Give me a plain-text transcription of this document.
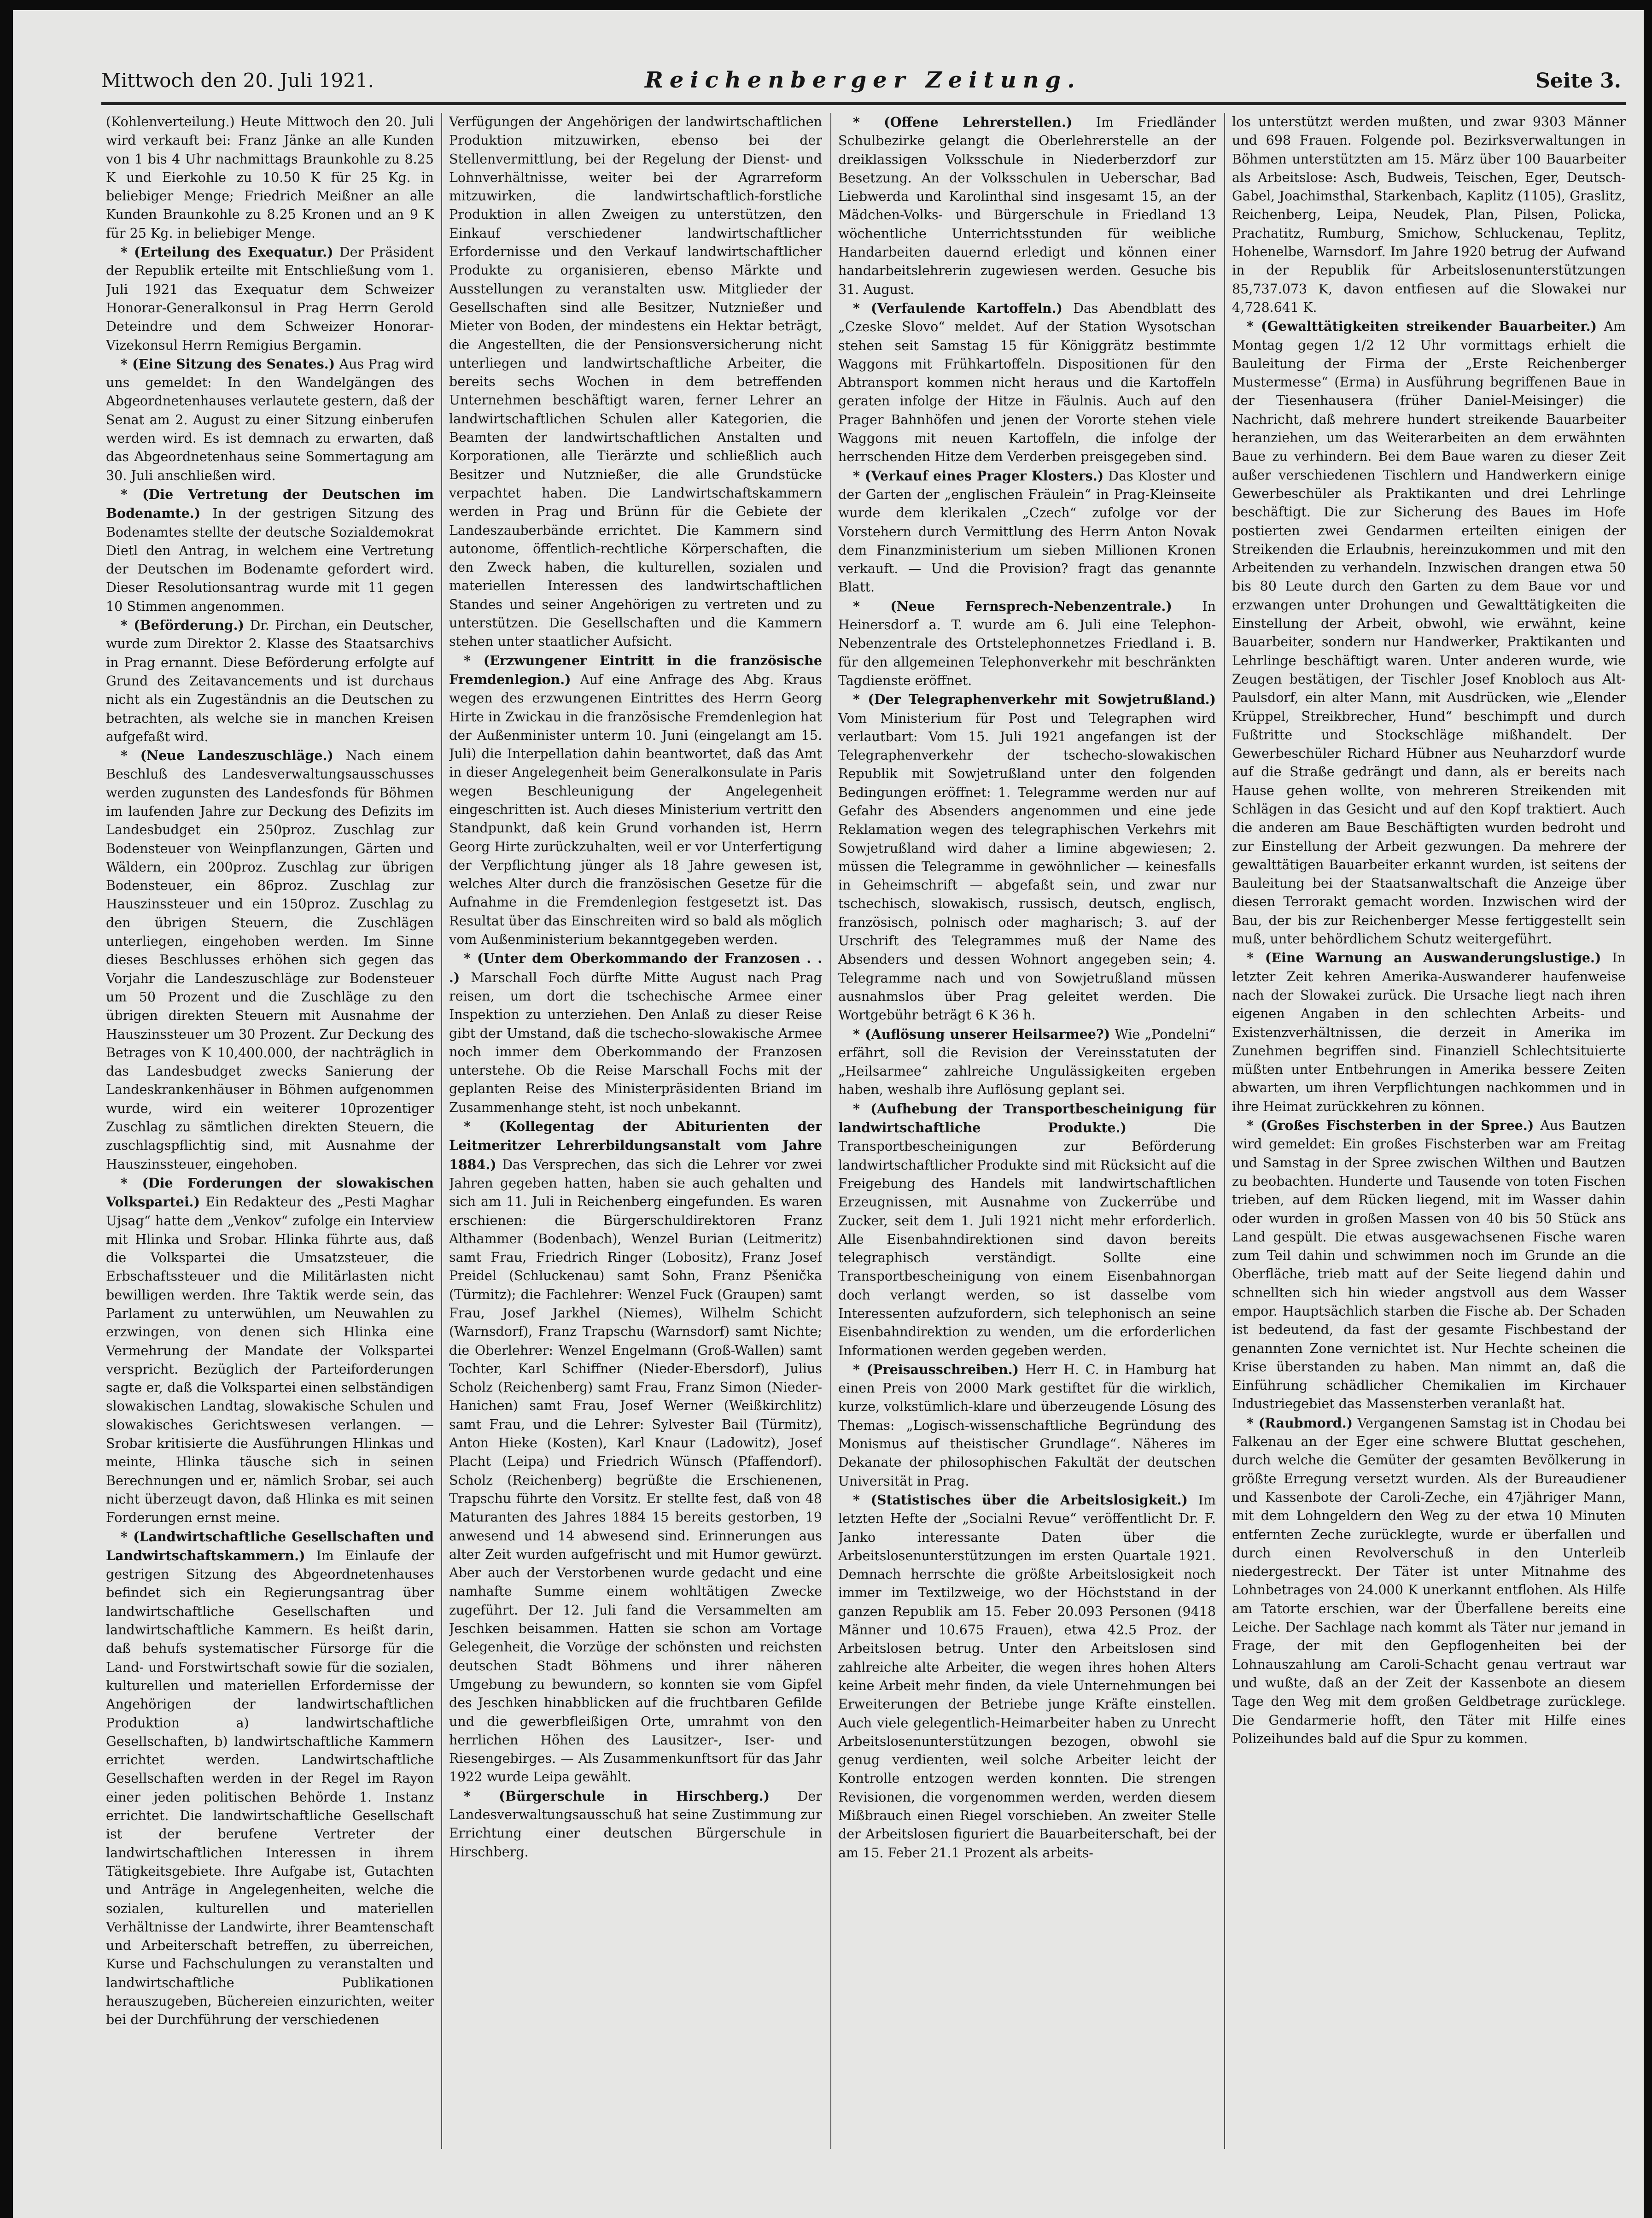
Mittwoch den 20. Juli 1921.	Reichenberger Zeitung.	Seite 3.

(Kohlenverteilung.) Heute Mittwoch den 20. Juli wird verkauft bei: Franz Jänke an alle Kunden von 1 bis 4 Uhr nachmittags Braunkohle zu 8.25 K und Eierkohle zu 10.50 K für 25 Kg. in beliebiger Menge; Friedrich Meißner an alle Kunden Braunkohle zu 8.25 Kronen und an 9 K für 25 Kg. in beliebiger Menge.

* (Erteilung des Exequatur.) Der Präsident der Republik erteilte mit Entschließung vom 1. Juli 1921 das Exequatur dem Schweizer Honorar-Generalkonsul in Prag Herrn Gerold Deteindre und dem Schweizer Honorar-Vizekonsul Herrn Remigius Bergamin.

* (Eine Sitzung des Senates.) Aus Prag wird uns gemeldet: In den Wandelgängen des Abgeordnetenhauses verlautete gestern, daß der Senat am 2. August zu einer Sitzung einberufen werden wird. Es ist demnach zu erwarten, daß das Abgeordnetenhaus seine Sommertagung am 30. Juli anschließen wird.

* (Die Vertretung der Deutschen im Bodenamte.) In der gestrigen Sitzung des Bodenamtes stellte der deutsche Sozialdemokrat Dietl den Antrag, in welchem eine Vertretung der Deutschen im Bodenamte gefordert wird. Dieser Resolutionsantrag wurde mit 11 gegen 10 Stimmen angenommen.

* (Beförderung.) Dr. Pirchan, ein Deutscher, wurde zum Direktor 2. Klasse des Staatsarchivs in Prag ernannt. Diese Beförderung erfolgte auf Grund des Zeitavancements und ist durchaus nicht als ein Zugeständnis an die Deutschen zu betrachten, als welche sie in manchen Kreisen aufgefaßt wird.

* (Neue Landeszuschläge.) Nach einem Beschluß des Landesverwaltungsausschusses werden zugunsten des Landesfonds für Böhmen im laufenden Jahre zur Deckung des Defizits im Landesbudget ein 250proz. Zuschlag zur Bodensteuer von Weinpflanzungen, Gärten und Wäldern, ein 200proz. Zuschlag zur übrigen Bodensteuer, ein 86proz. Zuschlag zur Hauszinssteuer und ein 150proz. Zuschlag zu den übrigen Steuern, die Zuschlägen unterliegen, eingehoben werden. Im Sinne dieses Beschlusses erhöhen sich gegen das Vorjahr die Landeszuschläge zur Bodensteuer um 50 Prozent und die Zuschläge zu den übrigen direkten Steuern mit Ausnahme der Hauszinssteuer um 30 Prozent. Zur Deckung des Betrages von K 10,400.000, der nachträglich in das Landesbudget zwecks Sanierung der Landeskrankenhäuser in Böhmen aufgenommen wurde, wird ein weiterer 10prozentiger Zuschlag zu sämtlichen direkten Steuern, die zuschlagspflichtig sind, mit Ausnahme der Hauszinssteuer, eingehoben.

* (Die Forderungen der slowakischen Volkspartei.) Ein Redakteur des „Pesti Maghar Ujsag“ hatte dem „Venkov“ zufolge ein Interview mit Hlinka und Srobar. Hlinka führte aus, daß die Volkspartei die Umsatzsteuer, die Erbschaftssteuer und die Militärlasten nicht bewilligen werden. Ihre Taktik werde sein, das Parlament zu unterwühlen, um Neuwahlen zu erzwingen, von denen sich Hlinka eine Vermehrung der Mandate der Volkspartei verspricht. Bezüglich der Parteiforderungen sagte er, daß die Volkspartei einen selbständigen slowakischen Landtag, slowakische Schulen und slowakisches Gerichtswesen verlangen. — Srobar kritisierte die Ausführungen Hlinkas und meinte, Hlinka täusche sich in seinen Berechnungen und er, nämlich Srobar, sei auch nicht überzeugt davon, daß Hlinka es mit seinen Forderungen ernst meine.

* (Landwirtschaftliche Gesellschaften und Landwirtschaftskammern.) Im Einlaufe der gestrigen Sitzung des Abgeordnetenhauses befindet sich ein Regierungsantrag über landwirtschaftliche Gesellschaften und landwirtschaftliche Kammern. Es heißt darin, daß behufs systematischer Fürsorge für die Land- und Forstwirtschaft sowie für die sozialen, kulturellen und materiellen Erfordernisse der Angehörigen der landwirtschaftlichen Produktion a) landwirtschaftliche Gesellschaften, b) landwirtschaftliche Kammern errichtet werden. Landwirtschaftliche Gesellschaften werden in der Regel im Rayon einer jeden politischen Behörde 1. Instanz errichtet. Die landwirtschaftliche Gesellschaft ist der berufene Vertreter der landwirtschaftlichen Interessen in ihrem Tätigkeitsgebiete. Ihre Aufgabe ist, Gutachten und Anträge in Angelegenheiten, welche die sozialen, kulturellen und materiellen Verhältnisse der Landwirte, ihrer Beamtenschaft und Arbeiterschaft betreffen, zu überreichen, Kurse und Fachschulungen zu veranstalten und landwirtschaftliche Publikationen herauszugeben, Büchereien einzurichten, weiter bei der Durchführung der verschiedenen

Verfügungen der Angehörigen der landwirtschaftlichen Produktion mitzuwirken, ebenso bei der Stellenvermittlung, bei der Regelung der Dienst- und Lohnverhältnisse, weiter bei der Agrarreform mitzuwirken, die landwirtschaftlich-forstliche Produktion in allen Zweigen zu unterstützen, den Einkauf verschiedener landwirtschaftlicher Erfordernisse und den Verkauf landwirtschaftlicher Produkte zu organisieren, ebenso Märkte und Ausstellungen zu veranstalten usw. Mitglieder der Gesellschaften sind alle Besitzer, Nutznießer und Mieter von Boden, der mindestens ein Hektar beträgt, die Angestellten, die der Pensionsversicherung nicht unterliegen und landwirtschaftliche Arbeiter, die bereits sechs Wochen in dem betreffenden Unternehmen beschäftigt waren, ferner Lehrer an landwirtschaftlichen Schulen aller Kategorien, die Beamten der landwirtschaftlichen Anstalten und Korporationen, alle Tierärzte und schließlich auch Besitzer und Nutznießer, die alle Grundstücke verpachtet haben. Die Landwirtschaftskammern werden in Prag und Brünn für die Gebiete der Landeszauberbände errichtet. Die Kammern sind autonome, öffentlich-rechtliche Körperschaften, die den Zweck haben, die kulturellen, sozialen und materiellen Interessen des landwirtschaftlichen Standes und seiner Angehörigen zu vertreten und zu unterstützen. Die Gesellschaften und die Kammern stehen unter staatlicher Aufsicht.

* (Erzwungener Eintritt in die französische Fremdenlegion.) Auf eine Anfrage des Abg. Kraus wegen des erzwungenen Eintrittes des Herrn Georg Hirte in Zwickau in die französische Fremdenlegion hat der Außenminister unterm 10. Juni (eingelangt am 15. Juli) die Interpellation dahin beantwortet, daß das Amt in dieser Angelegenheit beim Generalkonsulate in Paris wegen Beschleunigung der Angelegenheit eingeschritten ist. Auch dieses Ministerium vertritt den Standpunkt, daß kein Grund vorhanden ist, Herrn Georg Hirte zurückzuhalten, weil er vor Unterfertigung der Verpflichtung jünger als 18 Jahre gewesen ist, welches Alter durch die französischen Gesetze für die Aufnahme in die Fremdenlegion festgesetzt ist. Das Resultat über das Einschreiten wird so bald als möglich vom Außenministerium bekanntgegeben werden.

* (Unter dem Oberkommando der Franzosen . . .) Marschall Foch dürfte Mitte August nach Prag reisen, um dort die tschechische Armee einer Inspektion zu unterziehen. Den Anlaß zu dieser Reise gibt der Umstand, daß die tschecho-slowakische Armee noch immer dem Oberkommando der Franzosen unterstehe. Ob die Reise Marschall Fochs mit der geplanten Reise des Ministerpräsidenten Briand im Zusammenhange steht, ist noch unbekannt.

* (Kollegentag der Abiturienten der Leitmeritzer Lehrerbildungsanstalt vom Jahre 1884.) Das Versprechen, das sich die Lehrer vor zwei Jahren gegeben hatten, haben sie auch gehalten und sich am 11. Juli in Reichenberg eingefunden. Es waren erschienen: die Bürgerschuldirektoren Franz Althammer (Bodenbach), Wenzel Burian (Leitmeritz) samt Frau, Friedrich Ringer (Lobositz), Franz Josef Preidel (Schluckenau) samt Sohn, Franz Pšenička (Türmitz); die Fachlehrer: Wenzel Fuck (Graupen) samt Frau, Josef Jarkhel (Niemes), Wilhelm Schicht (Warnsdorf), Franz Trapschu (Warnsdorf) samt Nichte; die Oberlehrer: Wenzel Engelmann (Groß-Wallen) samt Tochter, Karl Schiffner (Nieder-Ebersdorf), Julius Scholz (Reichenberg) samt Frau, Franz Simon (Nieder-Hanichen) samt Frau, Josef Werner (Weißkirchlitz) samt Frau, und die Lehrer: Sylvester Bail (Türmitz), Anton Hieke (Kosten), Karl Knaur (Ladowitz), Josef Placht (Leipa) und Friedrich Wünsch (Pfaffendorf). Scholz (Reichenberg) begrüßte die Erschienenen, Trapschu führte den Vorsitz. Er stellte fest, daß von 48 Maturanten des Jahres 1884 15 bereits gestorben, 19 anwesend und 14 abwesend sind. Erinnerungen aus alter Zeit wurden aufgefrischt und mit Humor gewürzt. Aber auch der Verstorbenen wurde gedacht und eine namhafte Summe einem wohltätigen Zwecke zugeführt. Der 12. Juli fand die Versammelten am Jeschken beisammen. Hatten sie schon am Vortage Gelegenheit, die Vorzüge der schönsten und reichsten deutschen Stadt Böhmens und ihrer näheren Umgebung zu bewundern, so konnten sie vom Gipfel des Jeschken hinabblicken auf die fruchtbaren Gefilde und die gewerbfleißigen Orte, umrahmt von den herrlichen Höhen des Lausitzer-, Iser- und Riesengebirges. — Als Zusammenkunftsort für das Jahr 1922 wurde Leipa gewählt.

* (Bürgerschule in Hirschberg.) Der Landesverwaltungsausschuß hat seine Zustimmung zur Errichtung einer deutschen Bürgerschule in Hirschberg.

* (Offene Lehrerstellen.) Im Friedländer Schulbezirke gelangt die Oberlehrerstelle an der dreiklassigen Volksschule in Niederberzdorf zur Besetzung. An der Volksschulen in Ueberschar, Bad Liebwerda und Karolinthal sind insgesamt 15, an der Mädchen-Volks- und Bürgerschule in Friedland 13 wöchentliche Unterrichtsstunden für weibliche Handarbeiten dauernd erledigt und können einer handarbeitslehrerin zugewiesen werden. Gesuche bis 31. August.

* (Verfaulende Kartoffeln.) Das Abendblatt des „Czeske Slovo“ meldet. Auf der Station Wysotschan stehen seit Samstag 15 für Königgrätz bestimmte Waggons mit Frühkartoffeln. Dispositionen für den Abtransport kommen nicht heraus und die Kartoffeln geraten infolge der Hitze in Fäulnis. Auch auf den Prager Bahnhöfen und jenen der Vororte stehen viele Waggons mit neuen Kartoffeln, die infolge der herrschenden Hitze dem Verderben preisgegeben sind.

* (Verkauf eines Prager Klosters.) Das Kloster und der Garten der „englischen Fräulein“ in Prag-Kleinseite wurde dem klerikalen „Czech“ zufolge vor der Vorstehern durch Vermittlung des Herrn Anton Novak dem Finanzministerium um sieben Millionen Kronen verkauft. — Und die Provision? fragt das genannte Blatt.

* (Neue Fernsprech-Nebenzentrale.) In Heinersdorf a. T. wurde am 6. Juli eine Telephon-Nebenzentrale des Ortstelephonnetzes Friedland i. B. für den allgemeinen Telephonverkehr mit beschränkten Tagdienste eröffnet.

* (Der Telegraphenverkehr mit Sowjetrußland.) Vom Ministerium für Post und Telegraphen wird verlautbart: Vom 15. Juli 1921 angefangen ist der Telegraphenverkehr der tschecho-slowakischen Republik mit Sowjetrußland unter den folgenden Bedingungen eröffnet: 1. Telegramme werden nur auf Gefahr des Absenders angenommen und eine jede Reklamation wegen des telegraphischen Verkehrs mit Sowjetrußland wird daher a limine abgewiesen; 2. müssen die Telegramme in gewöhnlicher — keinesfalls in Geheimschrift — abgefaßt sein, und zwar nur tschechisch, slowakisch, russisch, deutsch, englisch, französisch, polnisch oder magharisch; 3. auf der Urschrift des Telegrammes muß der Name des Absenders und dessen Wohnort angegeben sein; 4. Telegramme nach und von Sowjetrußland müssen ausnahmslos über Prag geleitet werden. Die Wortgebühr beträgt 6 K 36 h.

* (Auflösung unserer Heilsarmee?) Wie „Pondelni“ erfährt, soll die Revision der Vereinsstatuten der „Heilsarmee“ zahlreiche Ungulässigkeiten ergeben haben, weshalb ihre Auflösung geplant sei.

* (Aufhebung der Transportbescheinigung für landwirtschaftliche Produkte.)	Die Transportbescheinigungen zur Beförderung landwirtschaftlicher Produkte sind mit Rücksicht auf die Freigebung des Handels mit landwirtschaftlichen Erzeugnissen, mit Ausnahme von Zuckerrübe und Zucker, seit dem 1. Juli 1921 nicht mehr erforderlich. Alle Eisenbahndirektionen sind davon bereits telegraphisch verständigt. Sollte eine Transportbescheinigung von einem Eisenbahnorgan doch verlangt werden, so ist dasselbe vom Interessenten aufzufordern, sich telephonisch an seine Eisenbahndirektion zu wenden, um die erforderlichen Informationen werden gegeben werden.

* (Preisausschreiben.) Herr H. C. in Hamburg hat einen Preis von 2000 Mark gestiftet für die wirklich, kurze, volkstümlich-klare und überzeugende Lösung des Themas: „Logisch-wissenschaftliche Begründung des Monismus auf theistischer Grundlage“. Näheres im Dekanate der philosophischen Fakultät der deutschen Universität in Prag.

* (Statistisches über die Arbeitslosigkeit.) Im letzten Hefte der „Socialni Revue“ veröffentlicht Dr. F. Janko interessante Daten über die Arbeitslosenunterstützungen im ersten Quartale 1921. Demnach herrschte die größte Arbeitslosigkeit noch immer im Textilzweige, wo der Höchststand in der ganzen Republik am 15. Feber 20.093 Personen (9418 Männer und 10.675 Frauen), etwa 42.5 Proz. der Arbeitslosen betrug. Unter den Arbeitslosen sind zahlreiche alte Arbeiter, die wegen ihres hohen Alters keine Arbeit mehr finden, da viele Unternehmungen bei Erweiterungen der Betriebe junge Kräfte einstellen. Auch viele gelegentlich-Heimarbeiter haben zu Unrecht Arbeitslosenunterstützungen bezogen, obwohl sie genug verdienten, weil solche Arbeiter leicht der Kontrolle entzogen werden konnten. Die strengen Revisionen, die vorgenommen werden, werden diesem Mißbrauch einen Riegel vorschieben. An zweiter Stelle der Arbeitslosen figuriert die Bauarbeiterschaft, bei der am 15. Feber 21.1 Prozent als arbeits-

los unterstützt werden mußten, und zwar 9303 Männer und 698 Frauen. Folgende pol. Bezirksverwaltungen in Böhmen unterstützten am 15. März über 100 Bauarbeiter als Arbeitslose: Asch, Budweis, Teischen, Eger, Deutsch-Gabel, Joachimsthal, Starkenbach, Kaplitz (1105), Graslitz, Reichenberg, Leipa, Neudek, Plan, Pilsen, Policka, Prachatitz, Rumburg, Smichow, Schluckenau, Teplitz, Hohenelbe, Warnsdorf. Im Jahre 1920 betrug der Aufwand in der Republik für Arbeitslosenunterstützungen 85,737.073 K, davon entfiesen auf die Slowakei nur 4,728.641 K.

* (Gewalttätigkeiten streikender Bauarbeiter.) Am Montag gegen 1/2 12 Uhr vormittags erhielt die Bauleitung der Firma der „Erste Reichenberger Mustermesse“ (Erma) in Ausführung begriffenen Baue in der Tiesenhausera (früher Daniel-Meisinger) die Nachricht, daß mehrere hundert streikende Bauarbeiter heranziehen, um das Weiterarbeiten an dem erwähnten Baue zu verhindern. Bei dem Baue waren zu dieser Zeit außer verschiedenen Tischlern und Handwerkern einige Gewerbeschüler als Praktikanten und drei Lehrlinge beschäftigt. Die zur Sicherung des Baues im Hofe postierten zwei Gendarmen erteilten einigen der Streikenden die Erlaubnis, hereinzukommen und mit den Arbeitenden zu verhandeln. Inzwischen drangen etwa 50 bis 80 Leute durch den Garten zu dem Baue vor und erzwangen unter Drohungen und Gewalttätigkeiten die Einstellung der Arbeit, obwohl, wie erwähnt, keine Bauarbeiter, sondern nur Handwerker, Praktikanten und Lehrlinge beschäftigt waren. Unter anderen wurde, wie Zeugen bestätigen, der Tischler Josef Knobloch aus Alt-Paulsdorf, ein alter Mann, mit Ausdrücken, wie „Elender Krüppel, Streikbrecher, Hund“ beschimpft und durch Fußtritte und Stockschläge mißhandelt. Der Gewerbeschüler Richard Hübner aus Neuharzdorf wurde auf die Straße gedrängt und dann, als er bereits nach Hause gehen wollte, von mehreren Streikenden mit Schlägen in das Gesicht und auf den Kopf traktiert. Auch die anderen am Baue Beschäftigten wurden bedroht und zur Einstellung der Arbeit gezwungen. Da mehrere der gewalttätigen Bauarbeiter erkannt wurden, ist seitens der Bauleitung bei der Staatsanwaltschaft die Anzeige über diesen Terrorakt gemacht worden. Inzwischen wird der Bau, der bis zur Reichenberger Messe fertiggestellt sein muß, unter behördlichem Schutz weitergeführt.

* (Eine Warnung an Auswanderungslustige.) In letzter Zeit kehren Amerika-Auswanderer haufenweise nach der Slowakei zurück. Die Ursache liegt nach ihren eigenen Angaben in den schlechten Arbeits- und Existenzverhältnissen, die derzeit in Amerika im Zunehmen begriffen sind. Finanziell Schlechtsituierte müßten unter Entbehrungen in Amerika bessere Zeiten abwarten, um ihren Verpflichtungen nachkommen und in ihre Heimat zurückkehren zu können.

* (Großes Fischsterben in der Spree.) Aus Bautzen wird gemeldet: Ein großes Fischsterben war am Freitag und Samstag in der Spree zwischen Wilthen und Bautzen zu beobachten. Hunderte und Tausende von toten Fischen trieben, auf dem Rücken liegend, mit im Wasser dahin oder wurden in großen Massen von 40 bis 50 Stück ans Land gespült. Die etwas ausgewachsenen Fische waren zum Teil dahin und schwimmen noch im Grunde an die Oberfläche, trieb matt auf der Seite liegend dahin und schnellten sich hin wieder angstvoll aus dem Wasser empor. Hauptsächlich starben die Fische ab. Der Schaden ist bedeutend, da fast der gesamte Fischbestand der genannten Zone vernichtet ist. Nur Hechte scheinen die Krise überstanden zu haben. Man nimmt an, daß die Einführung schädlicher Chemikalien im Kirchauer Industriegebiet das Massensterben veranlaßt hat.

* (Raubmord.) Vergangenen Samstag ist in Chodau bei Falkenau an der Eger eine schwere Bluttat geschehen, durch welche die Gemüter der gesamten Bevölkerung in größte Erregung versetzt wurden. Als der Bureaudiener und Kassenbote der Caroli-Zeche, ein 47jähriger Mann, mit dem Lohngeldern den Weg zu der etwa 10 Minuten entfernten Zeche zurücklegte, wurde er überfallen und durch einen Revolverschuß in den Unterleib niedergestreckt. Der Täter ist unter Mitnahme des Lohnbetrages von 24.000 K unerkannt entflohen. Als Hilfe am Tatorte erschien, war der Überfallene bereits eine Leiche. Der Sachlage nach kommt als Täter nur jemand in Frage, der mit den Gepflogenheiten bei der Lohnauszahlung am Caroli-Schacht genau vertraut war und wußte, daß an der Zeit der Kassenbote an diesem Tage den Weg mit dem großen Geldbetrage zurücklege. Die Gendarmerie hofft, den Täter mit Hilfe eines Polizeihundes bald auf die Spur zu kommen.
